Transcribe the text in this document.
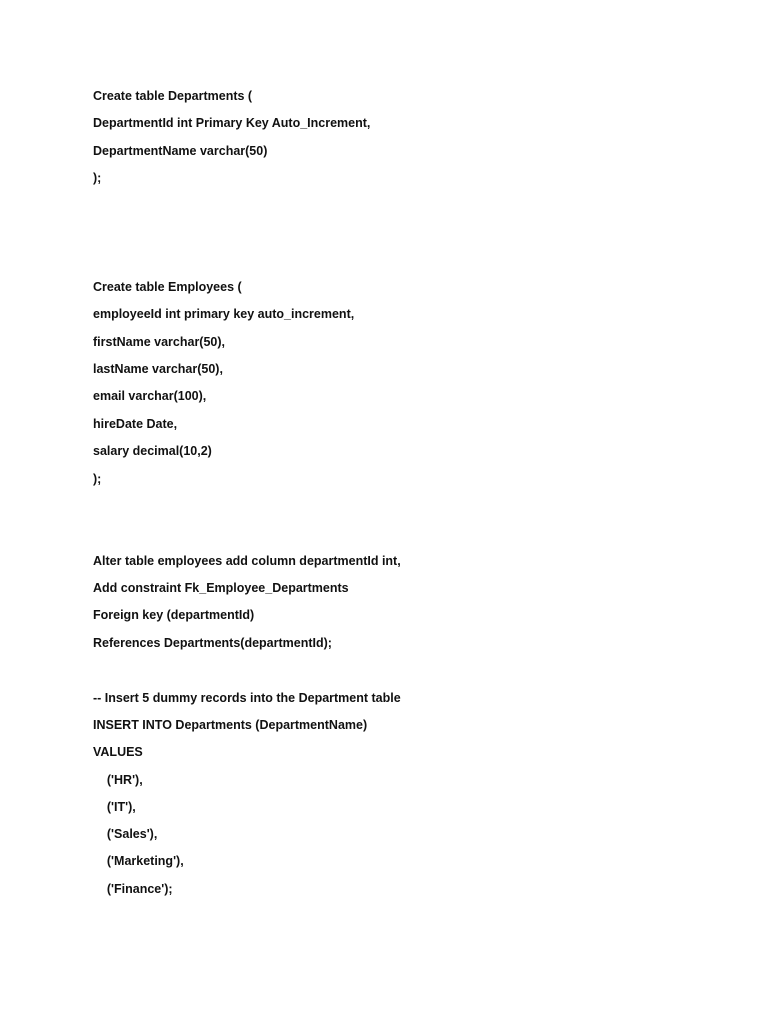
Create table Departments (
DepartmentId int Primary Key Auto_Increment,
DepartmentName varchar(50)
);
Create table Employees (
employeeId int primary key auto_increment,
firstName varchar(50),
lastName varchar(50),
email varchar(100),
hireDate Date,
salary decimal(10,2)
);
Alter table employees add column departmentId int,
Add constraint Fk_Employee_Departments
Foreign key (departmentId)
References Departments(departmentId);
-- Insert 5 dummy records into the Department table
INSERT INTO Departments (DepartmentName)
VALUES
('HR'),
('IT'),
('Sales'),
('Marketing'),
('Finance');
